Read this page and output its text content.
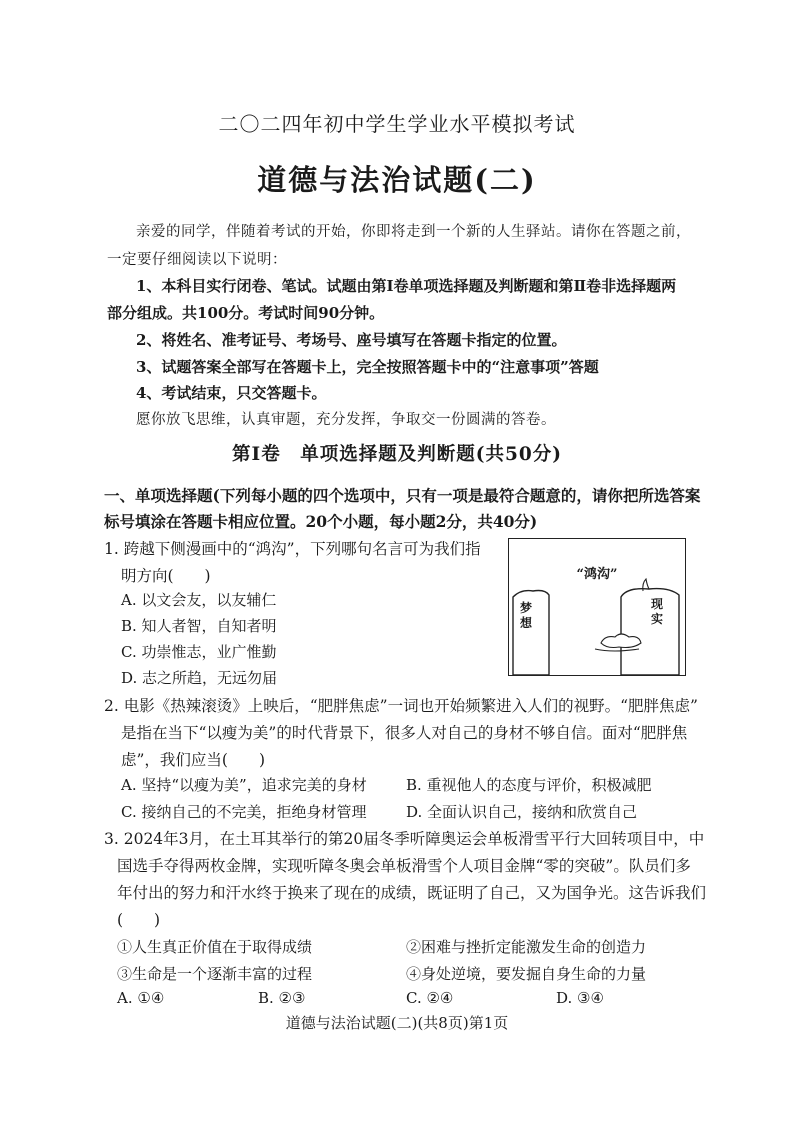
二〇二四年初中学生学业水平模拟考试
道德与法治试题(二)
亲爱的同学，伴随着考试的开始，你即将走到一个新的人生驿站。请你在答题之前，
一定要仔细阅读以下说明：
1、本科目实行闭卷、笔试。试题由第Ⅰ卷单项选择题及判断题和第Ⅱ卷非选择题两
部分组成。共100分。考试时间90分钟。
2、将姓名、准考证号、考场号、座号填写在答题卡指定的位置。
3、试题答案全部写在答题卡上，完全按照答题卡中的“注意事项”答题
4、考试结束，只交答题卡。
愿你放飞思维，认真审题，充分发挥，争取交一份圆满的答卷。
第Ⅰ卷　单项选择题及判断题(共50分)
一、单项选择题(下列每小题的四个选项中，只有一项是最符合题意的，请你把所选答案
标号填涂在答题卡相应位置。20个小题，每小题2分，共40分)
1. 跨越下侧漫画中的“鸿沟”，下列哪句名言可为我们指
明方向(　　)
A. 以文会友，以友辅仁
B. 知人者智，自知者明
C. 功崇惟志，业广惟勤
D. 志之所趋，无远勿届
“鸿沟”
梦想
现实
2. 电影《热辣滚烫》上映后，“肥胖焦虑”一词也开始频繁进入人们的视野。“肥胖焦虑”
是指在当下“以瘦为美”的时代背景下，很多人对自己的身材不够自信。面对“肥胖焦
虑”，我们应当(　　)
A. 坚持“以瘦为美”，追求完美的身材	B. 重视他人的态度与评价，积极减肥
C. 接纳自己的不完美，拒绝身材管理	D. 全面认识自己，接纳和欣赏自己
3. 2024年3月，在土耳其举行的第20届冬季听障奥运会单板滑雪平行大回转项目中，中
国选手夺得两枚金牌，实现听障冬奥会单板滑雪个人项目金牌“零的突破”。队员们多
年付出的努力和汗水终于换来了现在的成绩，既证明了自己，又为国争光。这告诉我们
(　　)
①人生真正价值在于取得成绩	②困难与挫折定能激发生命的创造力
③生命是一个逐渐丰富的过程	④身处逆境，要发掘自身生命的力量
A. ①④	B. ②③	C. ②④	D. ③④
道德与法治试题(二)(共8页)第1页
